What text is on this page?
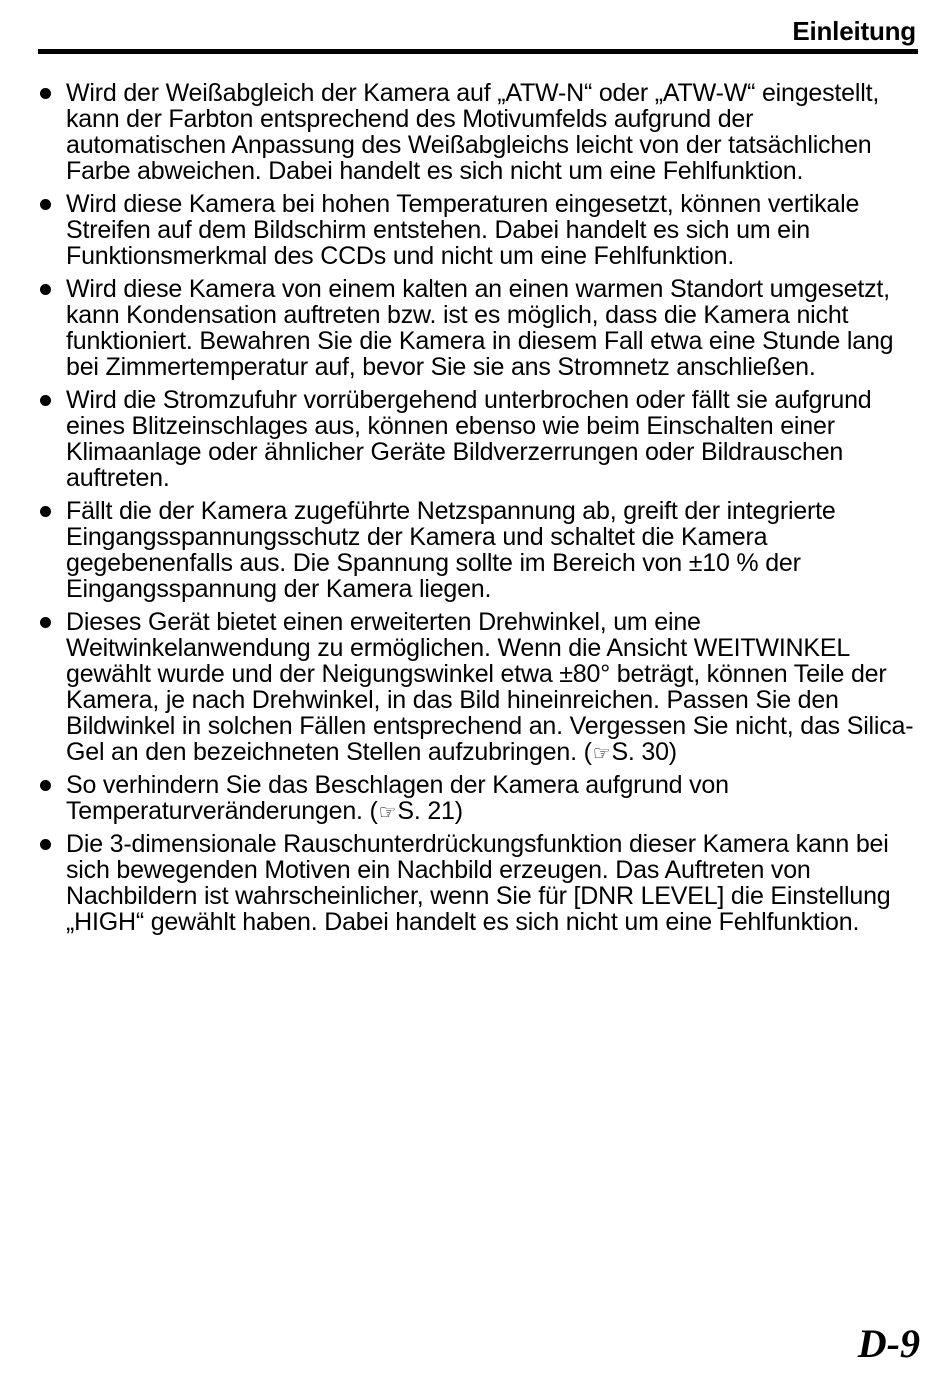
Einleitung
Wird der Weißabgleich der Kamera auf „ATW-N“ oder „ATW-W“ eingestellt, kann der Farbton entsprechend des Motivumfelds aufgrund der automatischen Anpassung des Weißabgleichs leicht von der tatsächlichen Farbe abweichen. Dabei handelt es sich nicht um eine Fehlfunktion.
Wird diese Kamera bei hohen Temperaturen eingesetzt, können vertikale Streifen auf dem Bildschirm entstehen. Dabei handelt es sich um ein Funktionsmerkmal des CCDs und nicht um eine Fehlfunktion.
Wird diese Kamera von einem kalten an einen warmen Standort umgesetzt, kann Kondensation auftreten bzw. ist es möglich, dass die Kamera nicht funktioniert. Bewahren Sie die Kamera in diesem Fall etwa eine Stunde lang bei Zimmertemperatur auf, bevor Sie sie ans Stromnetz anschließen.
Wird die Stromzufuhr vorrübergehend unterbrochen oder fällt sie aufgrund eines Blitzeinschlages aus, können ebenso wie beim Einschalten einer Klimaanlage oder ähnlicher Geräte Bildverzerrungen oder Bildrauschen auftreten.
Fällt die der Kamera zugeführte Netzspannung ab, greift der integrierte Eingangsspannungsschutz der Kamera und schaltet die Kamera gegebenenfalls aus. Die Spannung sollte im Bereich von ±10 % der Eingangsspannung der Kamera liegen.
Dieses Gerät bietet einen erweiterten Drehwinkel, um eine Weitwinkelanwendung zu ermöglichen. Wenn die Ansicht WEITWINKEL gewählt wurde und der Neigungswinkel etwa ±80° beträgt, können Teile der Kamera, je nach Drehwinkel, in das Bild hineinreichen. Passen Sie den Bildwinkel in solchen Fällen entsprechend an. Vergessen Sie nicht, das Silica-Gel an den bezeichneten Stellen aufzubringen. (☞S. 30)
So verhindern Sie das Beschlagen der Kamera aufgrund von Temperaturveränderungen. (☞S. 21)
Die 3-dimensionale Rauschunterdrückungsfunktion dieser Kamera kann bei sich bewegenden Motiven ein Nachbild erzeugen. Das Auftreten von Nachbildern ist wahrscheinlicher, wenn Sie für [DNR LEVEL] die Einstellung „HIGH“ gewählt haben. Dabei handelt es sich nicht um eine Fehlfunktion.
D-9
